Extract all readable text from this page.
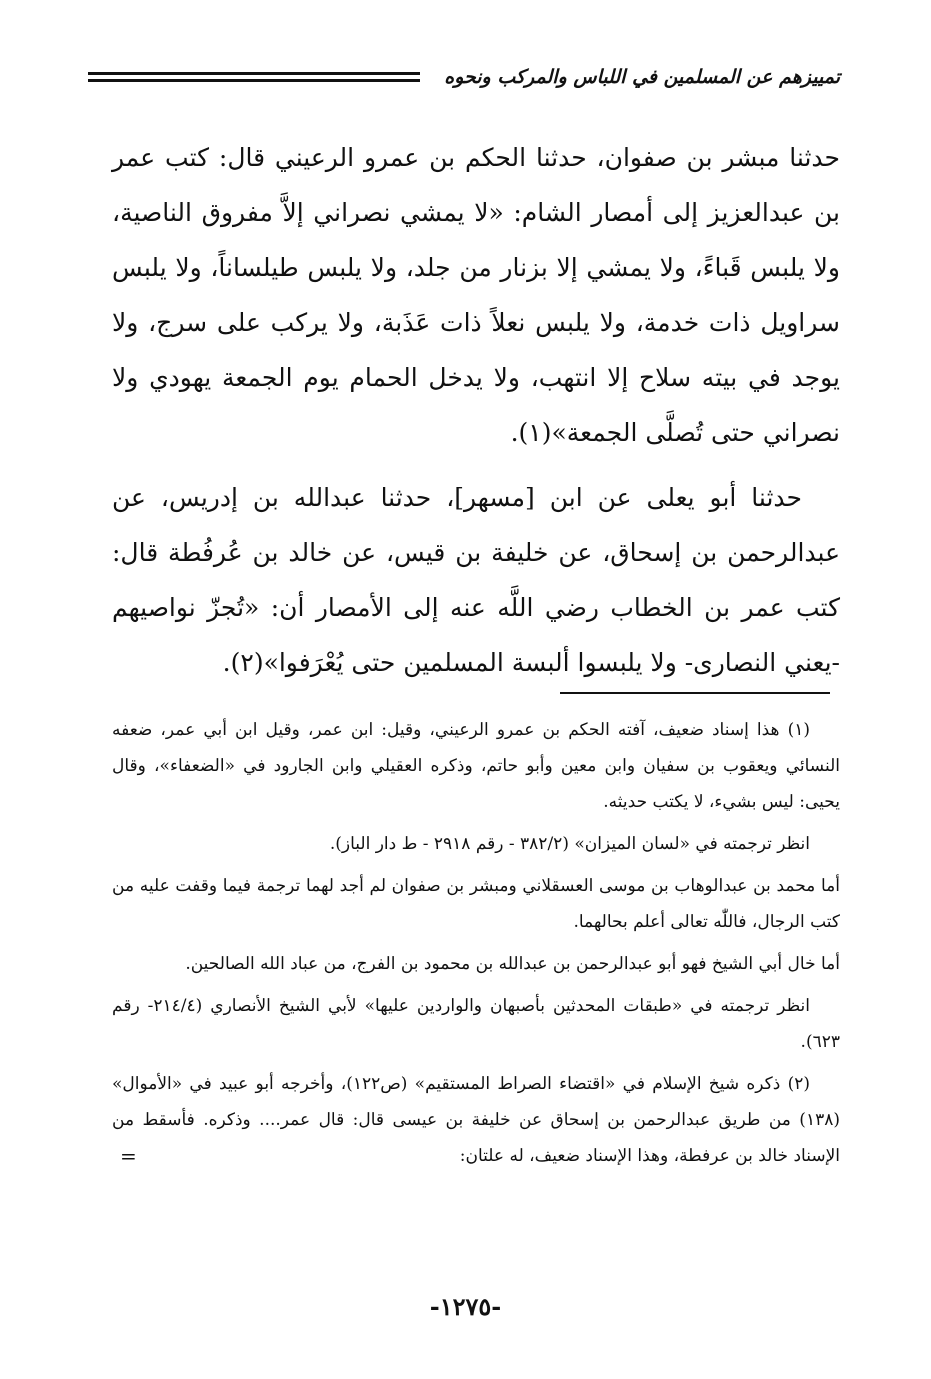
تمييزهم عن المسلمين في اللباس والمركب ونحوه

حدثنا مبشر بن صفوان، حدثنا الحكم بن عمرو الرعيني قال: كتب عمر بن عبدالعزيز إلى أمصار الشام: «لا يمشي نصراني إلاَّ مفروق الناصية، ولا يلبس قَباءً، ولا يمشي إلا بزنار من جلد، ولا يلبس طيلساناً، ولا يلبس سراويل ذات خدمة، ولا يلبس نعلاً ذات عَذَبة، ولا يركب على سرج، ولا يوجد في بيته سلاح إلا انتهب، ولا يدخل الحمام يوم الجمعة يهودي ولا نصراني حتى تُصلَّى الجمعة»(١).

حدثنا أبو يعلى عن ابن [مسهر]، حدثنا عبدالله بن إدريس، عن عبدالرحمن بن إسحاق، عن خليفة بن قيس، عن خالد بن عُرفُطة قال: كتب عمر بن الخطاب رضي اللَّه عنه إلى الأمصار أن: «تُجزّ نواصيهم -يعني النصارى- ولا يلبسوا ألبسة المسلمين حتى يُعْرَفوا»(٢).

(١) هذا إسناد ضعيف، آفته الحكم بن عمرو الرعيني، وقيل: ابن عمر، وقيل ابن أبي عمر، ضعفه النسائي ويعقوب بن سفيان وابن معين وأبو حاتم، وذكره العقيلي وابن الجارود في «الضعفاء»، وقال يحيى: ليس بشيء، لا يكتب حديثه.

انظر ترجمته في «لسان الميزان» (٣٨٢/٢ - رقم ٢٩١٨ - ط دار الباز).

أما محمد بن عبدالوهاب بن موسى العسقلاني ومبشر بن صفوان لم أجد لهما ترجمة فيما وقفت عليه من كتب الرجال، فاللّٰه تعالى أعلم بحالهما.

أما خال أبي الشيخ فهو أبو عبدالرحمن بن عبدالله بن محمود بن الفرج، من عباد الله الصالحين.

انظر ترجمته في «طبقات المحدثين بأصبهان والواردين عليها» لأبي الشيخ الأنصاري (٢١٤/٤- رقم ٦٢٣).

(٢) ذكره شيخ الإسلام في «اقتضاء الصراط المستقيم» (ص١٢٢)، وأخرجه أبو عبيد في «الأموال» (١٣٨) من طريق عبدالرحمن بن إسحاق عن خليفة بن عيسى قال: قال عمر.... وذكره. فأسقط من الإسناد خالد بن عرفطة، وهذا الإسناد ضعيف، له علتان:
=

-١٢٧٥-
